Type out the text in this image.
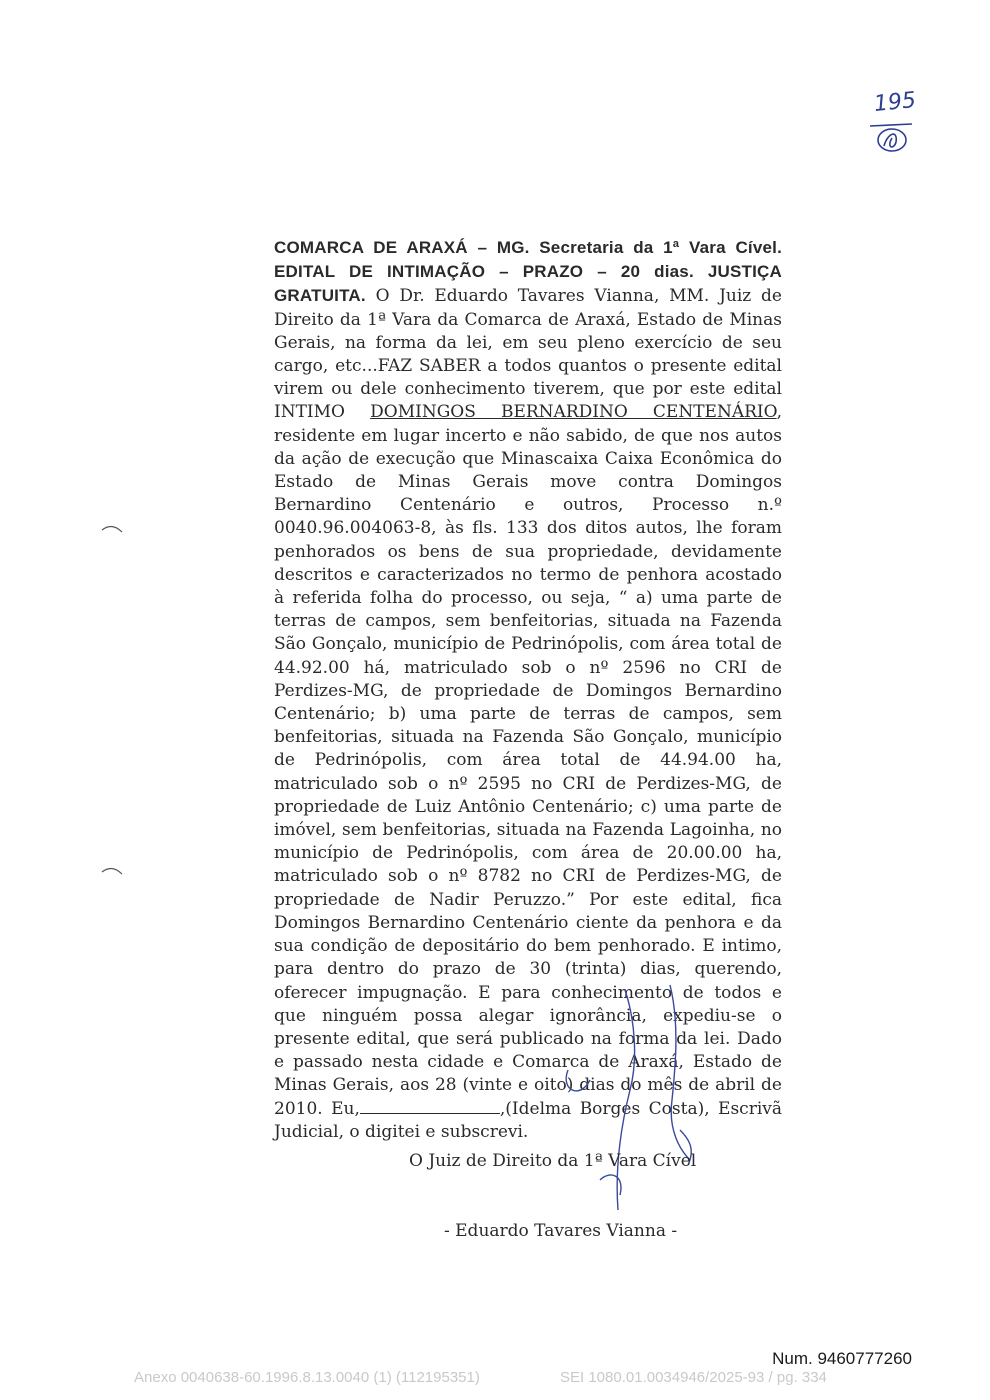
195

COMARCA DE ARAXÁ – MG. Secretaria da 1ª Vara Cível. EDITAL DE INTIMAÇÃO – PRAZO – 20 dias. JUSTIÇA GRATUITA. O Dr. Eduardo Tavares Vianna, MM. Juiz de Direito da 1ª Vara da Comarca de Araxá, Estado de Minas Gerais, na forma da lei, em seu pleno exercício de seu cargo, etc...FAZ SABER a todos quantos o presente edital virem ou dele conhecimento tiverem, que por este edital INTIMO DOMINGOS BERNARDINO CENTENÁRIO, residente em lugar incerto e não sabido, de que nos autos da ação de execução que Minascaixa Caixa Econômica do Estado de Minas Gerais move contra Domingos Bernardino Centenário e outros, Processo n.º 0040.96.004063-8, às fls. 133 dos ditos autos, lhe foram penhorados os bens de sua propriedade, devidamente descritos e caracterizados no termo de penhora acostado à referida folha do processo, ou seja, “ a) uma parte de terras de campos, sem benfeitorias, situada na Fazenda São Gonçalo, município de Pedrinópolis, com área total de 44.92.00 há, matriculado sob o nº 2596 no CRI de Perdizes-MG, de propriedade de Domingos Bernardino Centenário; b) uma parte de terras de campos, sem benfeitorias, situada na Fazenda São Gonçalo, município de Pedrinópolis, com área total de 44.94.00 ha, matriculado sob o nº 2595 no CRI de Perdizes-MG, de propriedade de Luiz Antônio Centenário; c) uma parte de imóvel, sem benfeitorias, situada na Fazenda Lagoinha, no município de Pedrinópolis, com área de 20.00.00 ha, matriculado sob o nº 8782 no CRI de Perdizes-MG, de propriedade de Nadir Peruzzo.” Por este edital, fica Domingos Bernardino Centenário ciente da penhora e da sua condição de depositário do bem penhorado. E intimo, para dentro do prazo de 30 (trinta) dias, querendo, oferecer impugnação. E para conhecimento de todos e que ninguém possa alegar ignorância, expediu-se o presente edital, que será publicado na forma da lei. Dado e passado nesta cidade e Comarca de Araxá, Estado de Minas Gerais, aos 28 (vinte e oito) dias do mês de abril de 2010. Eu,	,(Idelma Borges Costa), Escrivã Judicial, o digitei e subscrevi.

O Juiz de Direito da 1ª Vara Cível
- Eduardo Tavares Vianna -
Num. 9460777260
Anexo 0040638-60.1996.8.13.0040 (1) (112195351)	SEI 1080.01.0034946/2025-93 / pg. 334
